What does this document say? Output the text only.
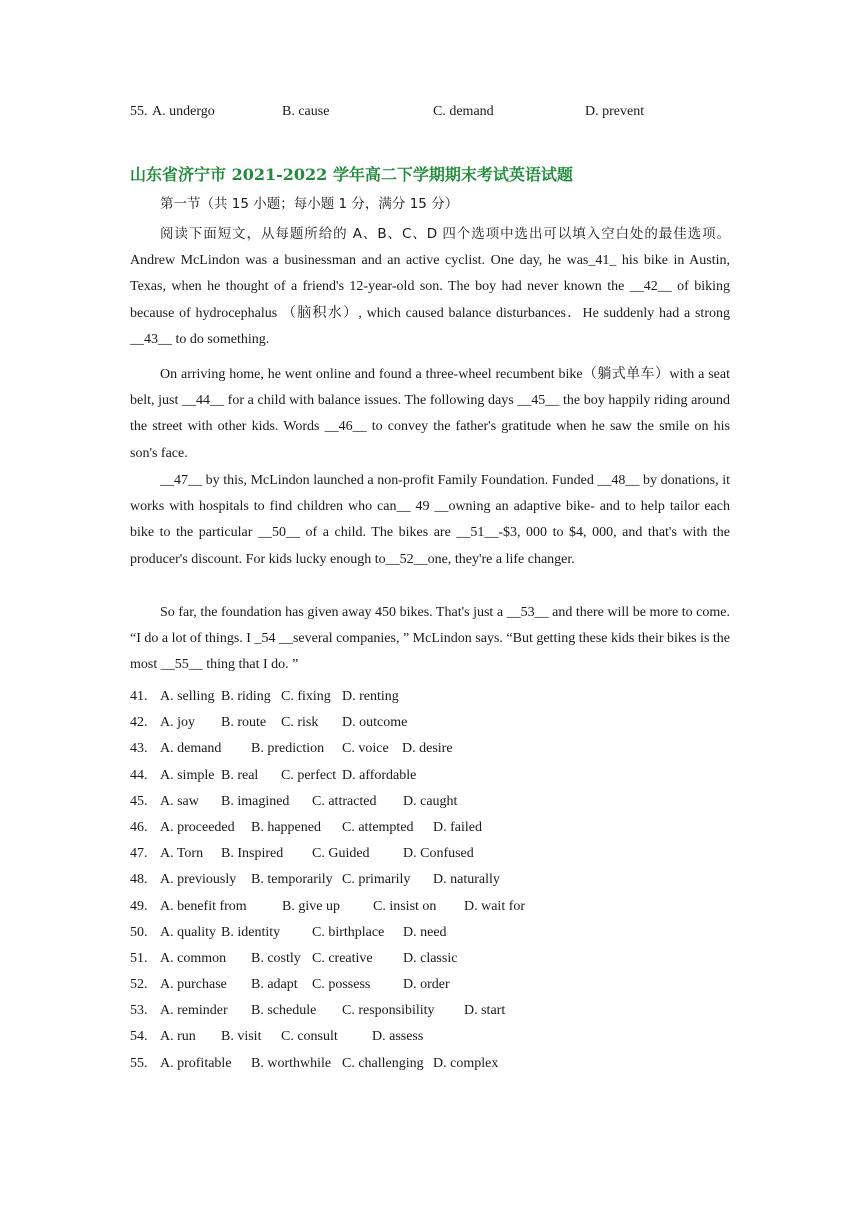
55. A. undergo	B. cause	C. demand	D. prevent
山东省济宁市 2021-2022 学年高二下学期期末考试英语试题

第一节（共 15 小题；每小题 1 分，满分 15 分）

阅读下面短文，从每题所给的 A、B、C、D 四个选项中选出可以填入空白处的最佳选项。 Andrew McLindon was a businessman and an active cyclist. One day, he was_41_ his bike in Austin, Texas, when he thought of a friend's 12-year-old son. The boy had never known the __42__ of biking because of hydrocephalus （脑积水）, which caused balance disturbances．He suddenly had a strong __43__ to do something.

On arriving home, he went online and found a three-wheel recumbent bike（躺式单车）with a seat belt, just __44__ for a child with balance issues. The following days __45__ the boy happily riding around the street with other kids. Words __46__ to convey the father's gratitude when he saw the smile on his son's face.

__47__ by this, McLindon launched a non-profit Family Foundation. Funded __48__ by donations, it works with hospitals to find children who can__ 49 __owning an adaptive bike- and to help tailor each bike to the particular __50__ of a child. The bikes are __51__-$3, 000 to $4, 000, and that's with the producer's discount. For kids lucky enough to__52__one, they're a life changer.

So far, the foundation has given away 450 bikes. That's just a __53__ and there will be more to come. “I do a lot of things. I _54 __several companies, ” McLindon says. “But getting these kids their bikes is the most __55__ thing that I do. ”

41. A. selling B. riding C. fixing D. renting
42. A. joy B. route C. risk D. outcome
43. A. demand B. prediction C. voice D. desire
44. A. simple B. real C. perfect D. affordable
45. A. saw B. imagined C. attracted D. caught
46. A. proceeded B. happened C. attempted D. failed
47. A. Torn B. Inspired C. Guided D. Confused
48. A. previously B. temporarily C. primarily D. naturally
49. A. benefit from	B. give up C. insist on D. wait for
50. A. quality B. identity C. birthplace D. need
51. A. common B. costly C. creative D. classic
52. A. purchase B. adapt C. possess D. order
53. A. reminder B. schedule C. responsibility D. start
54. A. run B. visit C. consult D. assess
55. A. profitable B. worthwhile C. challenging D. complex
